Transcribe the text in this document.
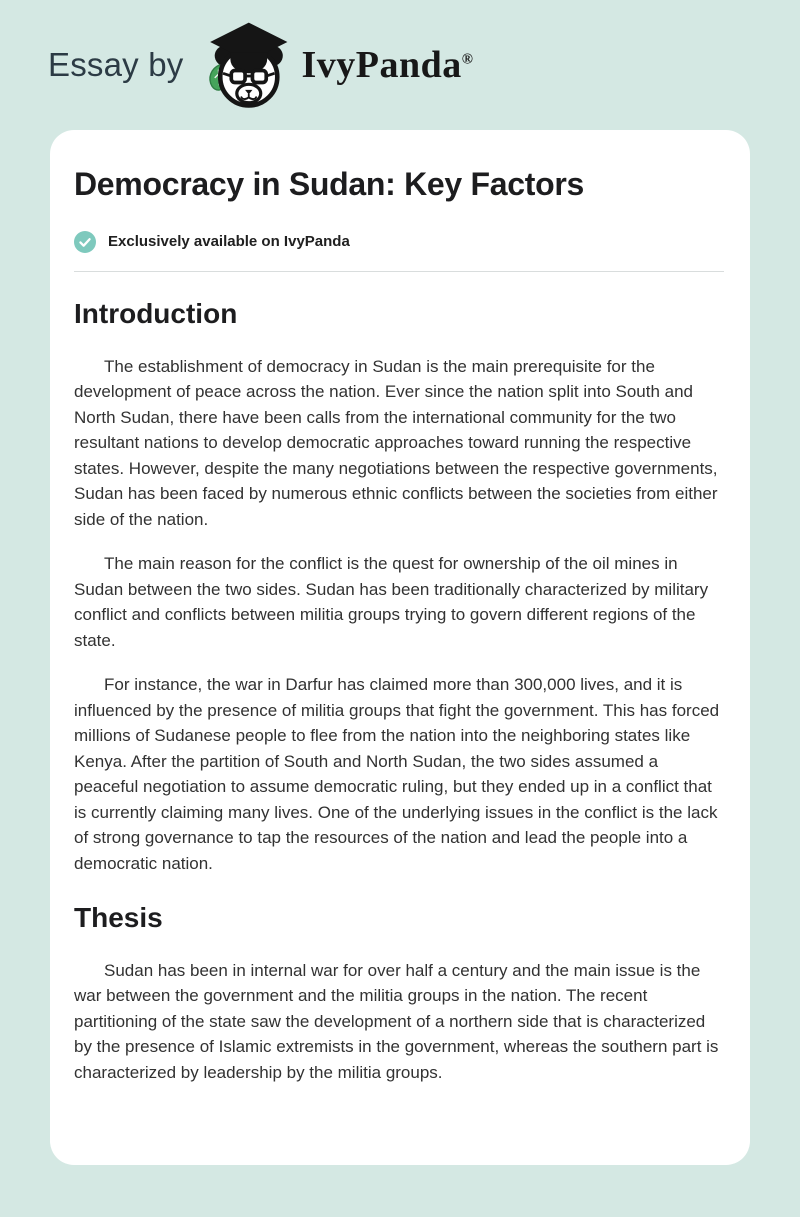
Essay by	IvyPanda®
Democracy in Sudan: Key Factors
Exclusively available on IvyPanda
Introduction

The establishment of democracy in Sudan is the main prerequisite for the development of peace across the nation. Ever since the nation split into South and North Sudan, there have been calls from the international community for the two resultant nations to develop democratic approaches toward running the respective states. However, despite the many negotiations between the respective governments, Sudan has been faced by numerous ethnic conflicts between the societies from either side of the nation.

The main reason for the conflict is the quest for ownership of the oil mines in Sudan between the two sides. Sudan has been traditionally characterized by military conflict and conflicts between militia groups trying to govern different regions of the state.

For instance, the war in Darfur has claimed more than 300,000 lives, and it is influenced by the presence of militia groups that fight the government. This has forced millions of Sudanese people to flee from the nation into the neighboring states like Kenya. After the partition of South and North Sudan, the two sides assumed a peaceful negotiation to assume democratic ruling, but they ended up in a conflict that is currently claiming many lives. One of the underlying issues in the conflict is the lack of strong governance to tap the resources of the nation and lead the people into a democratic nation.

Thesis

Sudan has been in internal war for over half a century and the main issue is the war between the government and the militia groups in the nation. The recent partitioning of the state saw the development of a northern side that is characterized by the presence of Islamic extremists in the government, whereas the southern part is characterized by leadership by the militia groups.
